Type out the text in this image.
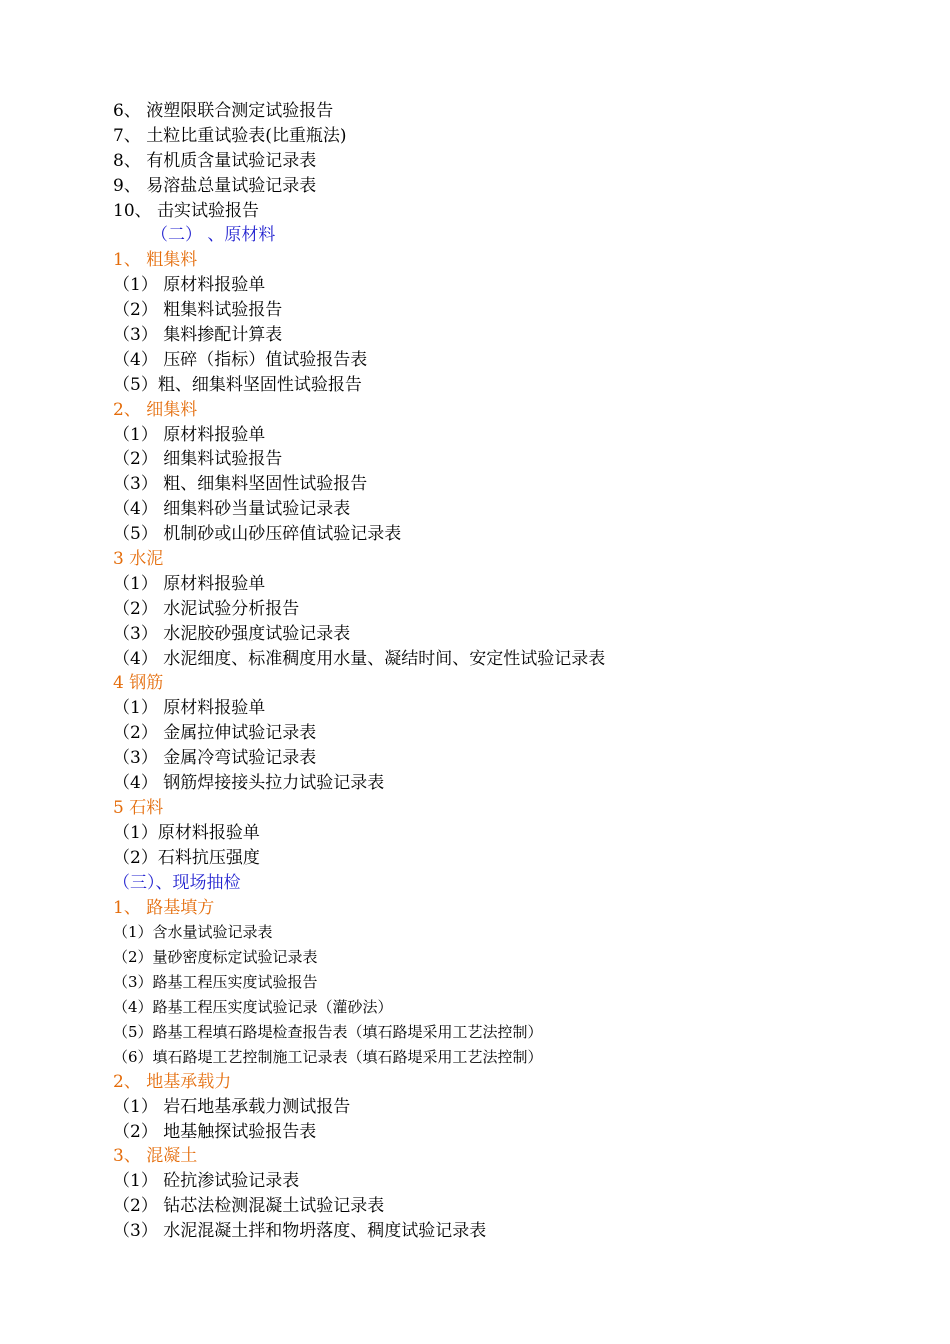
6、 液塑限联合测定试验报告
7、 土粒比重试验表(比重瓶法)
8、 有机质含量试验记录表
9、 易溶盐总量试验记录表
10、 击实试验报告
（二） 、原材料
1、 粗集料
（1） 原材料报验单
（2） 粗集料试验报告
（3） 集料掺配计算表
（4） 压碎（指标）值试验报告表
（5）粗、细集料坚固性试验报告
2、 细集料
（1） 原材料报验单
（2） 细集料试验报告
（3） 粗、细集料坚固性试验报告
（4） 细集料砂当量试验记录表
（5） 机制砂或山砂压碎值试验记录表
3 水泥
（1） 原材料报验单
（2） 水泥试验分析报告
（3） 水泥胶砂强度试验记录表
（4） 水泥细度、标准稠度用水量、凝结时间、安定性试验记录表
4 钢筋
（1） 原材料报验单
（2） 金属拉伸试验记录表
（3） 金属冷弯试验记录表
（4） 钢筋焊接接头拉力试验记录表
5 石料
（1）原材料报验单
（2）石料抗压强度
（三）、现场抽检
1、 路基填方
（1）含水量试验记录表
（2）量砂密度标定试验记录表
（3）路基工程压实度试验报告
（4）路基工程压实度试验记录（灌砂法）
（5）路基工程填石路堤检查报告表（填石路堤采用工艺法控制）
（6）填石路堤工艺控制施工记录表（填石路堤采用工艺法控制）
2、 地基承载力
（1） 岩石地基承载力测试报告
（2） 地基触探试验报告表
3、 混凝土
（1） 砼抗渗试验记录表
（2） 钻芯法检测混凝土试验记录表
（3） 水泥混凝土拌和物坍落度、稠度试验记录表
